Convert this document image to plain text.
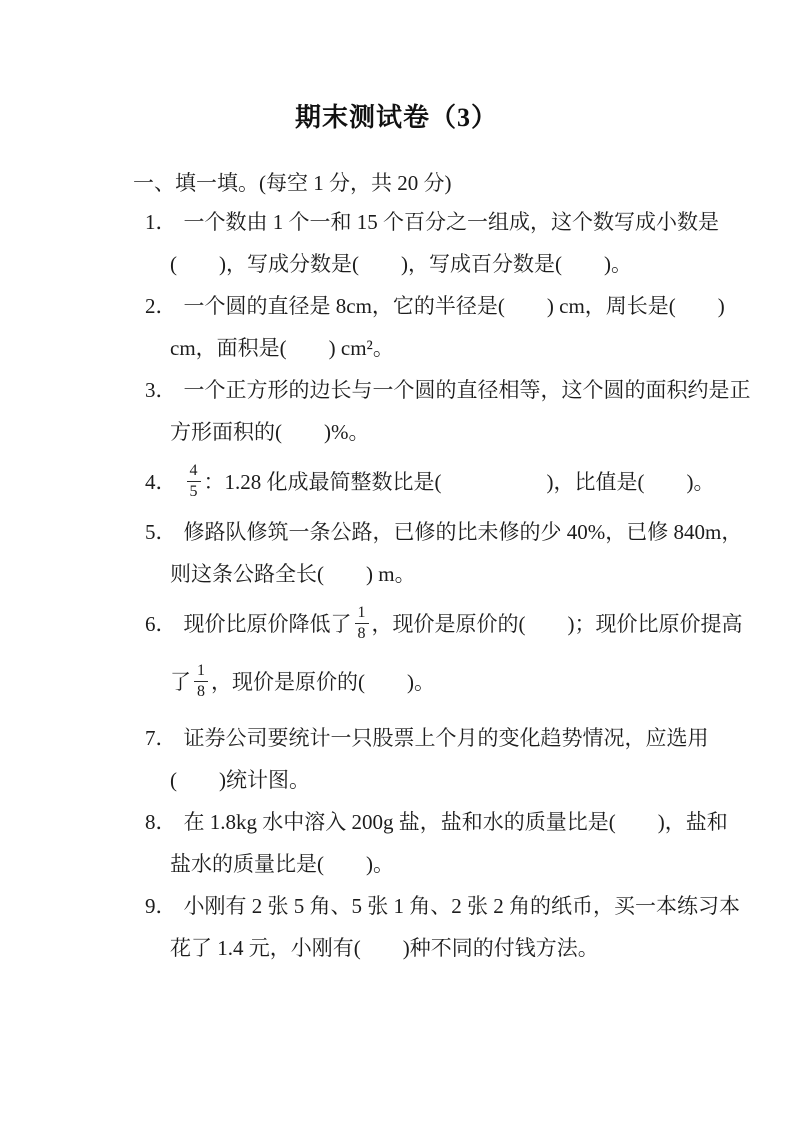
期末测试卷（3）
一、填一填。(每空 1 分，共 20 分)
1． 一个数由 1 个一和 15 个百分之一组成，这个数写成小数是
(　　)，写成分数是(　　)，写成百分数是(　　)。
2． 一个圆的直径是 8cm，它的半径是(　　) cm，周长是(　　)
cm，面积是(　　) cm²。
3． 一个正方形的边长与一个圆的直径相等，这个圆的面积约是正
方形面积的(　　)%。
4． $\frac{4}{5}$ ：1.28 化成最简整数比是(　　　　　)，比值是(　　)。
5． 修路队修筑一条公路，已修的比未修的少 40%，已修 840m，
则这条公路全长(　　) m。
6． 现价比原价降低了 $\frac{1}{8}$ ，现价是原价的(　　)；现价比原价提高
了 $\frac{1}{8}$ ，现价是原价的(　　)。
7． 证券公司要统计一只股票上个月的变化趋势情况，应选用
(　　)统计图。
8． 在 1.8kg 水中溶入 200g 盐，盐和水的质量比是(　　)，盐和
盐水的质量比是(　　)。
9． 小刚有 2 张 5 角、5 张 1 角、2 张 2 角的纸币，买一本练习本
花了 1.4 元，小刚有(　　)种不同的付钱方法。
